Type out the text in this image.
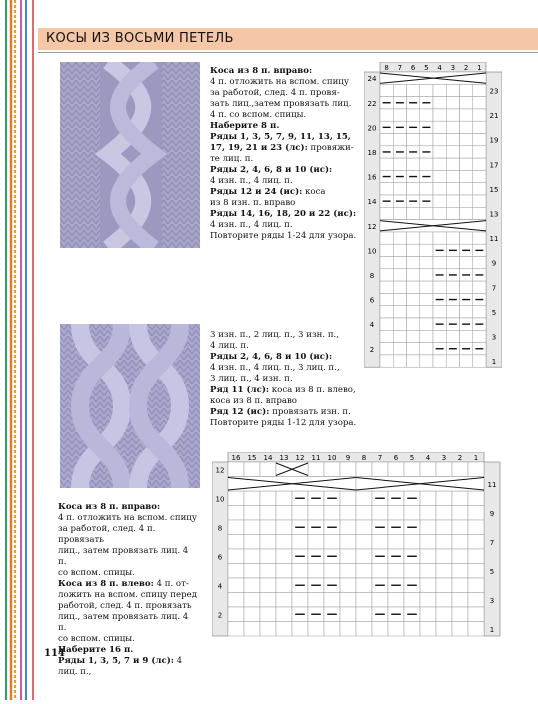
КОСЫ ИЗ ВОСЬМИ ПЕТЕЛЬ

Коса из 8 п. вправо:

4 п. отложить на вспом. спицу

за работой, след. 4 п. провя-

зать лиц.,затем провязать лиц.

4 п. со вспом. спицы.

Наберите 8 п.

Ряды 1, 3, 5, 7, 9, 11, 13, 15,

17, 19, 21 и 23 (лс): провяжи-

те лиц. п.

Ряды 2, 4, 6, 8 и 10 (ис):

4 изн. п., 4 лиц. п.

Ряды 12 и 24 (ис): коса

из 8 изн. п. вправо

Ряды 14, 16, 18, 20 и 22 (ис):

4 изн. п., 4 лиц. п.

Повторите ряды 1-24 для узора.

8 7 6 5 4 3 2 1
24
23
22
21
20
19
18
17
16
15
14
13
12
11
10
9
8
7
6
5
4
3
2
1

3 изн. п., 2 лиц. п., 3 изн. п.,

4 лиц. п.

Ряды 2, 4, 6, 8 и 10 (ис):

4 изн. п., 4 лиц. п., 3 лиц. п.,

3 лиц. п., 4 изн. п.

Ряд 11 (лс): коса из 8 п. влево,

коса из 8 п. вправо

Ряд 12 (ис): провязать изн. п.

Повторите ряды 1-12 для узора.

16 15 14 13 12 11 10 9 8 7 6 5 4 3 2 1
12
11
10
9
8
7
6
5
4
3
2
1

Коса из 8 п. вправо:

4 п. отложить на вспом. спицу

за работой, след. 4 п. провязать

лиц., затем провязать лиц. 4 п.

со вспом. спицы.

Коса из 8 п. влево: 4 п. от-

ложить на вспом. спицу перед

работой, след. 4 п. провязать

лиц., затем провязать лиц. 4 п.

со вспом. спицы.

Наберите 16 п.

Ряды 1, 3, 5, 7 и 9 (лс): 4 лиц. п.,

114
